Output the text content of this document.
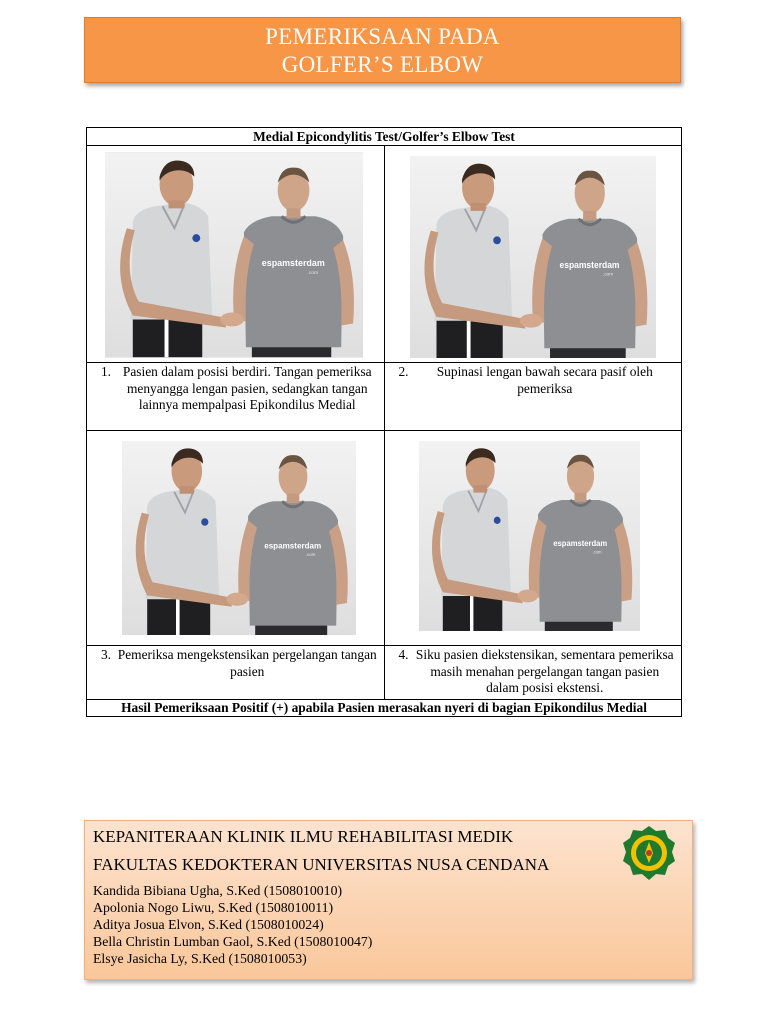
PEMERIKSAAN PADA
GOLFER’S ELBOW
Medial Epicondylitis Test/Golfer’s Elbow Test	

1. Pasien dalam posisi berdiri. Tangan pemeriksa menyangga lengan pasien, sedangkan tangan lainnya mempalpasi Epikondilus Medial	2. Supinasi lengan bawah secara pasif oleh pemeriksa

3. Pemeriksa mengekstensikan pergelangan tangan pasien	4. Siku pasien diekstensikan, sementara pemeriksa masih menahan pergelangan tangan pasien dalam posisi ekstensi.

Hasil Pemeriksaan Positif (+) apabila Pasien merasakan nyeri di bagian Epikondilus Medial	
KEPANITERAAN KLINIK ILMU REHABILITASI MEDIK
FAKULTAS KEDOKTERAN UNIVERSITAS NUSA CENDANA
Kandida Bibiana Ugha, S.Ked (1508010010)
Apolonia Nogo Liwu, S.Ked (1508010011)
Aditya Josua Elvon, S.Ked (1508010024)
Bella Christin Lumban Gaol, S.Ked (1508010047)
Elsye Jasicha Ly, S.Ked (1508010053)
